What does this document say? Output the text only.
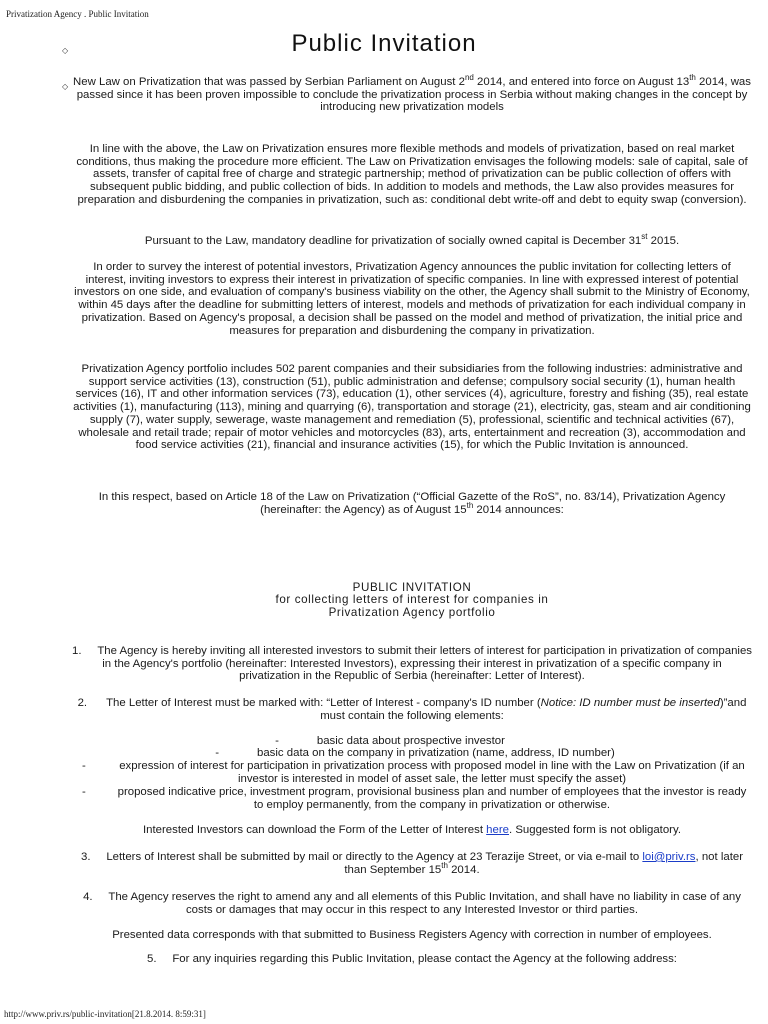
Privatization Agency . Public Invitation
◇	Public Invitation
◇ New Law on Privatization that was passed by Serbian Parliament on August 2nd 2014, and entered into force on August 13th 2014, was passed since it has been proven impossible to conclude the privatization process in Serbia without making changes in the concept by introducing new privatization models
In line with the above, the Law on Privatization ensures more flexible methods and models of privatization, based on real market conditions, thus making the procedure more efficient. The Law on Privatization envisages the following models: sale of capital, sale of assets, transfer of capital free of charge and strategic partnership; method of privatization can be public collection of offers with subsequent public bidding, and public collection of bids. In addition to models and methods, the Law also provides measures for preparation and disburdening the companies in privatization, such as: conditional debt write-off and debt to equity swap (conversion).
Pursuant to the Law, mandatory deadline for privatization of socially owned capital is December 31st 2015.
In order to survey the interest of potential investors, Privatization Agency announces the public invitation for collecting letters of interest, inviting investors to express their interest in privatization of specific companies. In line with expressed interest of potential investors on one side, and evaluation of company's business viability on the other, the Agency shall submit to the Ministry of Economy, within 45 days after the deadline for submitting letters of interest, models and methods of privatization for each individual company in privatization. Based on Agency's proposal, a decision shall be passed on the model and method of privatization, the initial price and measures for preparation and disburdening the company in privatization.
Privatization Agency portfolio includes 502 parent companies and their subsidiaries from the following industries: administrative and support service activities (13), construction (51), public administration and defense; compulsory social security (1), human health services (16), IT and other information services (73), education (1), other services (4), agriculture, forestry and fishing (35), real estate activities (1), manufacturing (113), mining and quarrying (6), transportation and storage (21), electricity, gas, steam and air conditioning supply (7), water supply, sewerage, waste management and remediation (5), professional, scientific and technical activities (67), wholesale and retail trade; repair of motor vehicles and motorcycles (83), arts, entertainment and recreation (3), accommodation and food service activities (21), financial and insurance activities (15), for which the Public Invitation is announced.
In this respect, based on Article 18 of the Law on Privatization (“Official Gazette of the RoS”, no. 83/14), Privatization Agency (hereinafter: the Agency) as of August 15th 2014 announces:
PUBLIC INVITATION
for collecting letters of interest for companies in
Privatization Agency portfolio
1. The Agency is hereby inviting all interested investors to submit their letters of interest for participation in privatization of companies in the Agency's portfolio (hereinafter: Interested Investors), expressing their interest in privatization of a specific company in privatization in the Republic of Serbia (hereinafter: Letter of Interest).
2. The Letter of Interest must be marked with: “Letter of Interest - company's ID number (Notice: ID number must be inserted)”and must contain the following elements:
-	basic data about prospective investor
-	basic data on the company in privatization (name, address, ID number)
-	expression of interest for participation in privatization process with proposed model in line with the Law on Privatization (if an investor is interested in model of asset sale, the letter must specify the asset)
-	proposed indicative price, investment program, provisional business plan and number of employees that the investor is ready to employ permanently, from the company in privatization or otherwise.
Interested Investors can download the Form of the Letter of Interest here. Suggested form is not obligatory.
3. Letters of Interest shall be submitted by mail or directly to the Agency at 23 Terazije Street, or via e-mail to loi@priv.rs, not later than September 15th 2014.
4. The Agency reserves the right to amend any and all elements of this Public Invitation, and shall have no liability in case of any costs or damages that may occur in this respect to any Interested Investor or third parties.
Presented data corresponds with that submitted to Business Registers Agency with correction in number of employees.
5. For any inquiries regarding this Public Invitation, please contact the Agency at the following address:
http://www.priv.rs/public-invitation[21.8.2014. 8:59:31]
